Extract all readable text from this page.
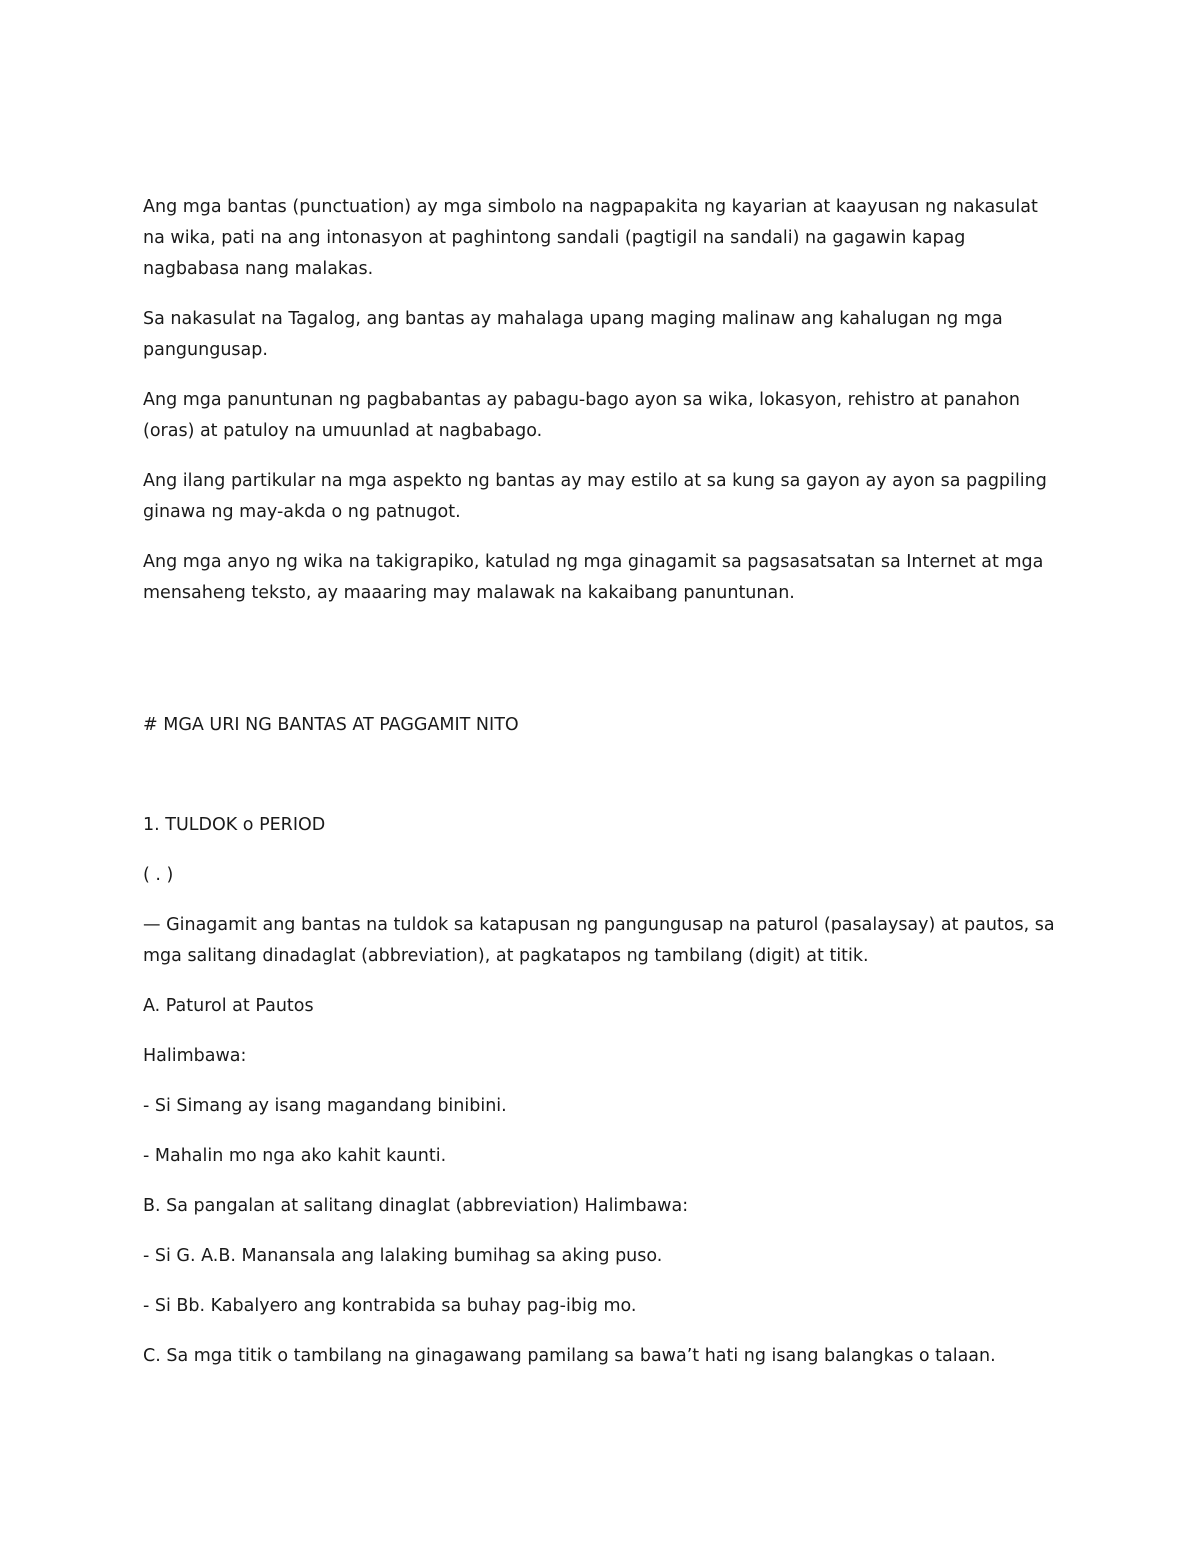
Ang mga bantas (punctuation) ay mga simbolo na nagpapakita ng kayarian at kaayusan ng nakasulat na wika, pati na ang intonasyon at paghintong sandali (pagtigil na sandali) na gagawin kapag nagbabasa nang malakas.

Sa nakasulat na Tagalog, ang bantas ay mahalaga upang maging malinaw ang kahalugan ng mga pangungusap.

Ang mga panuntunan ng pagbabantas ay pabagu-bago ayon sa wika, lokasyon, rehistro at panahon (oras) at patuloy na umuunlad at nagbabago.

Ang ilang partikular na mga aspekto ng bantas ay may estilo at sa kung sa gayon ay ayon sa pagpiling ginawa ng may-akda o ng patnugot.

Ang mga anyo ng wika na takigrapiko, katulad ng mga ginagamit sa pagsasatsatan sa Internet at mga mensaheng teksto, ay maaaring may malawak na kakaibang panuntunan.

# MGA URI NG BANTAS AT PAGGAMIT NITO

1. TULDOK o PERIOD

( . )

— Ginagamit ang bantas na tuldok sa katapusan ng pangungusap na paturol (pasalaysay) at pautos, sa mga salitang dinadaglat (abbreviation), at pagkatapos ng tambilang (digit) at titik.

A. Paturol at Pautos

Halimbawa:

- Si Simang ay isang magandang binibini.

- Mahalin mo nga ako kahit kaunti.

B. Sa pangalan at salitang dinaglat (abbreviation) Halimbawa:

- Si G. A.B. Manansala ang lalaking bumihag sa aking puso.

- Si Bb. Kabalyero ang kontrabida sa buhay pag-ibig mo.

C. Sa mga titik o tambilang na ginagawang pamilang sa bawa’t hati ng isang balangkas o talaan.
